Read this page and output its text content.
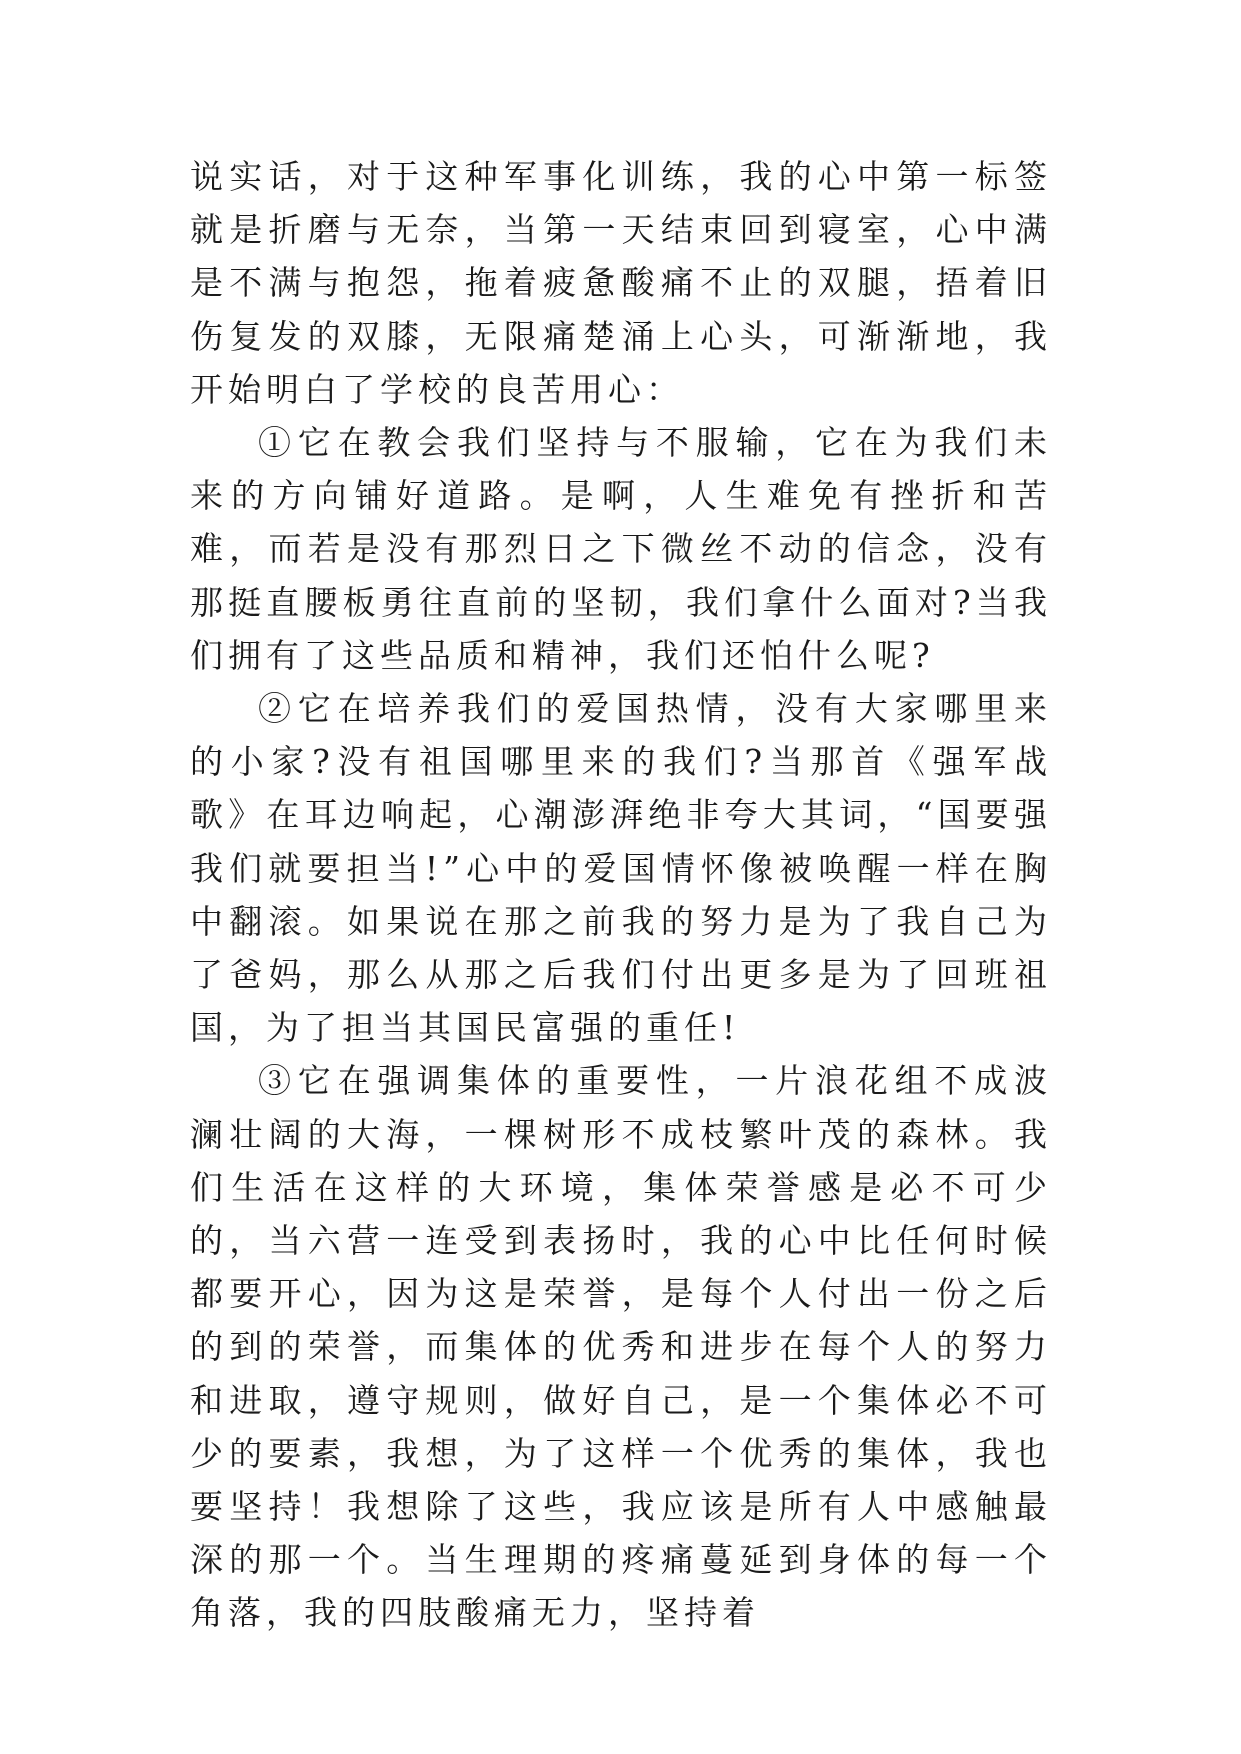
说实话，对于这种军事化训练，我的心中第一标签就是折磨与无奈，当第一天结束回到寝室，心中满是不满与抱怨，拖着疲惫酸痛不止的双腿，捂着旧伤复发的双膝，无限痛楚涌上心头，可渐渐地，我开始明白了学校的良苦用心：

①它在教会我们坚持与不服输，它在为我们未来的方向铺好道路。是啊，人生难免有挫折和苦难，而若是没有那烈日之下微丝不动的信念，没有那挺直腰板勇往直前的坚韧，我们拿什么面对?当我们拥有了这些品质和精神，我们还怕什么呢?

②它在培养我们的爱国热情，没有大家哪里来的小家?没有祖国哪里来的我们?当那首《强军战歌》在耳边响起，心潮澎湃绝非夸大其词，“国要强我们就要担当!”心中的爱国情怀像被唤醒一样在胸中翻滚。如果说在那之前我的努力是为了我自己为了爸妈，那么从那之后我们付出更多是为了回班祖国，为了担当其国民富强的重任!

③它在强调集体的重要性，一片浪花组不成波澜壮阔的大海，一棵树形不成枝繁叶茂的森林。我们生活在这样的大环境，集体荣誉感是必不可少的，当六营一连受到表扬时，我的心中比任何时候都要开心，因为这是荣誉，是每个人付出一份之后的到的荣誉，而集体的优秀和进步在每个人的努力和进取，遵守规则，做好自己，是一个集体必不可少的要素，我想，为了这样一个优秀的集体，我也要坚持！我想除了这些，我应该是所有人中感触最深的那一个。当生理期的疼痛蔓延到身体的每一个角落，我的四肢酸痛无力，坚持着
